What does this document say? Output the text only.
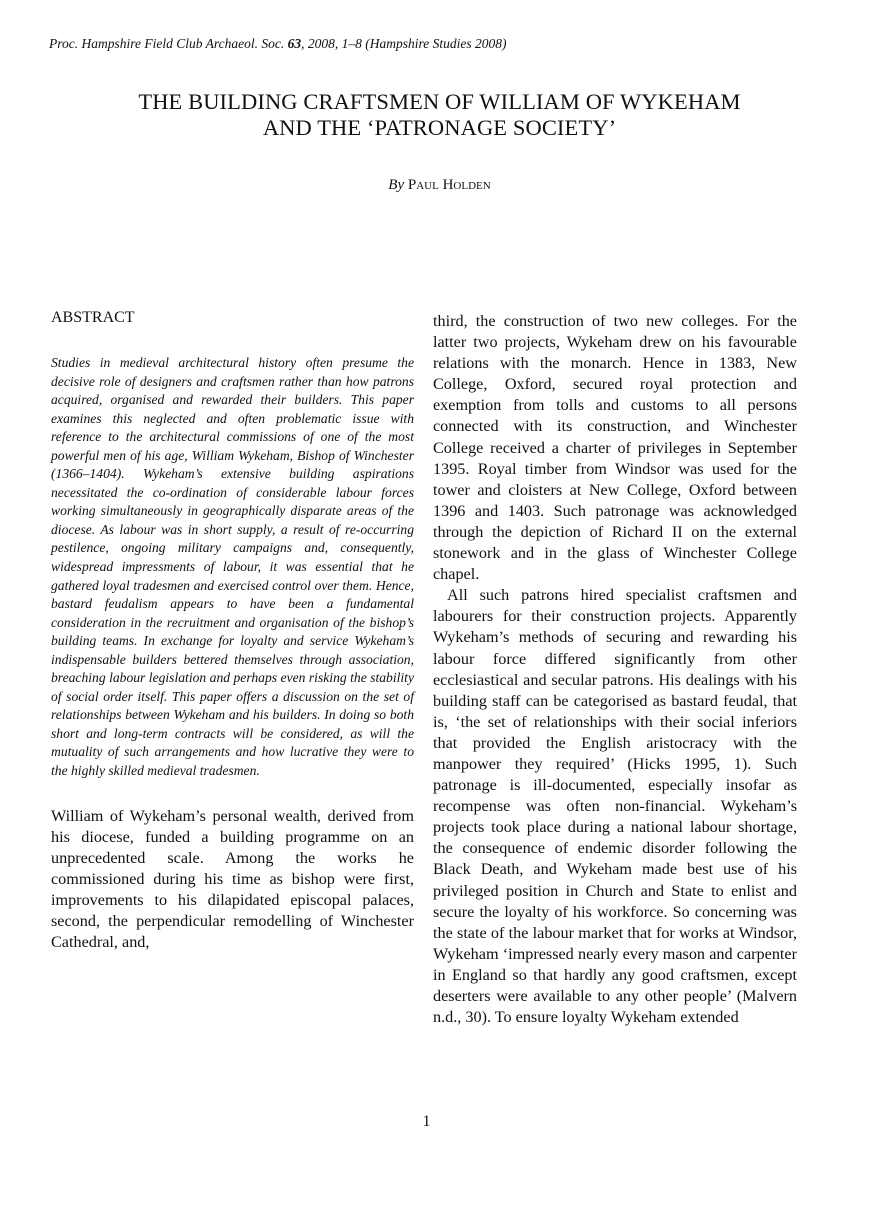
Proc. Hampshire Field Club Archaeol. Soc. 63, 2008, 1–8 (Hampshire Studies 2008)
THE BUILDING CRAFTSMEN OF WILLIAM OF WYKEHAM
AND THE ‘PATRONAGE SOCIETY’
By Paul Holden
ABSTRACT

Studies in medieval architectural history often presume the decisive role of designers and craftsmen rather than how patrons acquired, organised and rewarded their builders. This paper examines this neglected and often problematic issue with reference to the architectural commissions of one of the most powerful men of his age, William Wykeham, Bishop of Winchester (1366–1404). Wykeham’s extensive building aspirations necessitated the co-ordination of considerable labour forces working simultaneously in geographically disparate areas of the diocese. As labour was in short supply, a result of re-occurring pestilence, ongoing military campaigns and, consequently, widespread impressments of labour, it was essential that he gathered loyal tradesmen and exercised control over them. Hence, bastard feudalism appears to have been a fundamental consideration in the recruitment and organisation of the bishop’s building teams. In exchange for loyalty and service Wykeham’s indispensable builders bettered themselves through association, breaching labour legislation and perhaps even risking the stability of social order itself. This paper offers a discussion on the set of relationships between Wykeham and his builders. In doing so both short and long-term contracts will be considered, as will the mutuality of such arrangements and how lucrative they were to the highly skilled medieval tradesmen.

William of Wykeham’s personal wealth, derived from his diocese, funded a building programme on an unprecedented scale. Among the works he commissioned during his time as bishop were first, improvements to his dilapidated episcopal palaces, second, the perpendicular remodelling of Winchester Cathedral, and,

third, the construction of two new colleges. For the latter two projects, Wykeham drew on his favourable relations with the monarch. Hence in 1383, New College, Oxford, secured royal protection and exemption from tolls and customs to all persons connected with its construction, and Winchester College received a charter of privileges in September 1395. Royal timber from Windsor was used for the tower and cloisters at New College, Oxford between 1396 and 1403. Such patronage was acknowledged through the depiction of Richard II on the external stonework and in the glass of Winchester College chapel.

All such patrons hired specialist craftsmen and labourers for their construction projects. Apparently Wykeham’s methods of securing and rewarding his labour force differed significantly from other ecclesiastical and secular patrons. His dealings with his building staff can be categorised as bastard feudal, that is, ‘the set of relationships with their social inferiors that provided the English aristocracy with the manpower they required’ (Hicks 1995, 1). Such patronage is ill-documented, especially insofar as recompense was often non-financial. Wykeham’s projects took place during a national labour shortage, the consequence of endemic disorder following the Black Death, and Wykeham made best use of his privileged position in Church and State to enlist and secure the loyalty of his workforce. So concerning was the state of the labour market that for works at Windsor, Wykeham ‘impressed nearly every mason and carpenter in England so that hardly any good craftsmen, except deserters were available to any other people’ (Malvern n.d., 30). To ensure loyalty Wykeham extended

1
